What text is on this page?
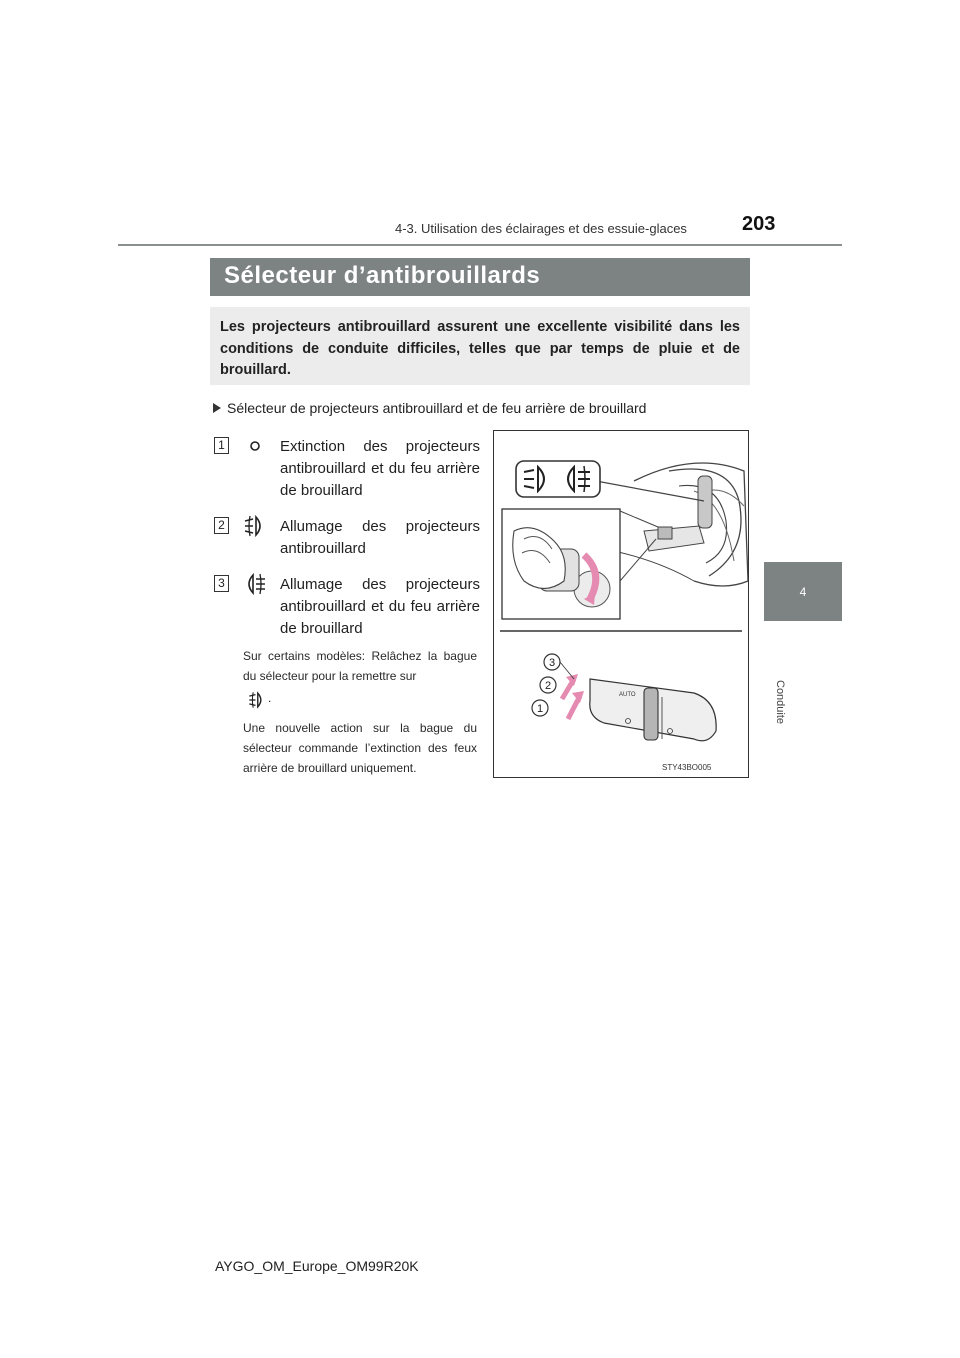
4-3. Utilisation des éclairages et des essuie-glaces	203
4
Conduite
Sélecteur d’antibrouillards

Les projecteurs antibrouillard assurent une excellente visibilité dans les conditions de conduite difficiles, telles que par temps de pluie et de brouillard.

Sélecteur de projecteurs antibrouillard et de feu arrière de brouillard
1	Extinction des projecteurs antibrouillard et du feu arrière de brouillard
2	Allumage des projecteurs antibrouillard
3	Allumage des projecteurs antibrouillard et du feu arrière de brouillard
Sur certains modèles: Relâchez la bague du sélecteur pour la remettre sur
.
Une nouvelle action sur la bague du sélecteur commande l’extinction des feux arrière de brouillard uniquement.
AUTO
3
2
1
STY43BO005
AYGO_OM_Europe_OM99R20K
